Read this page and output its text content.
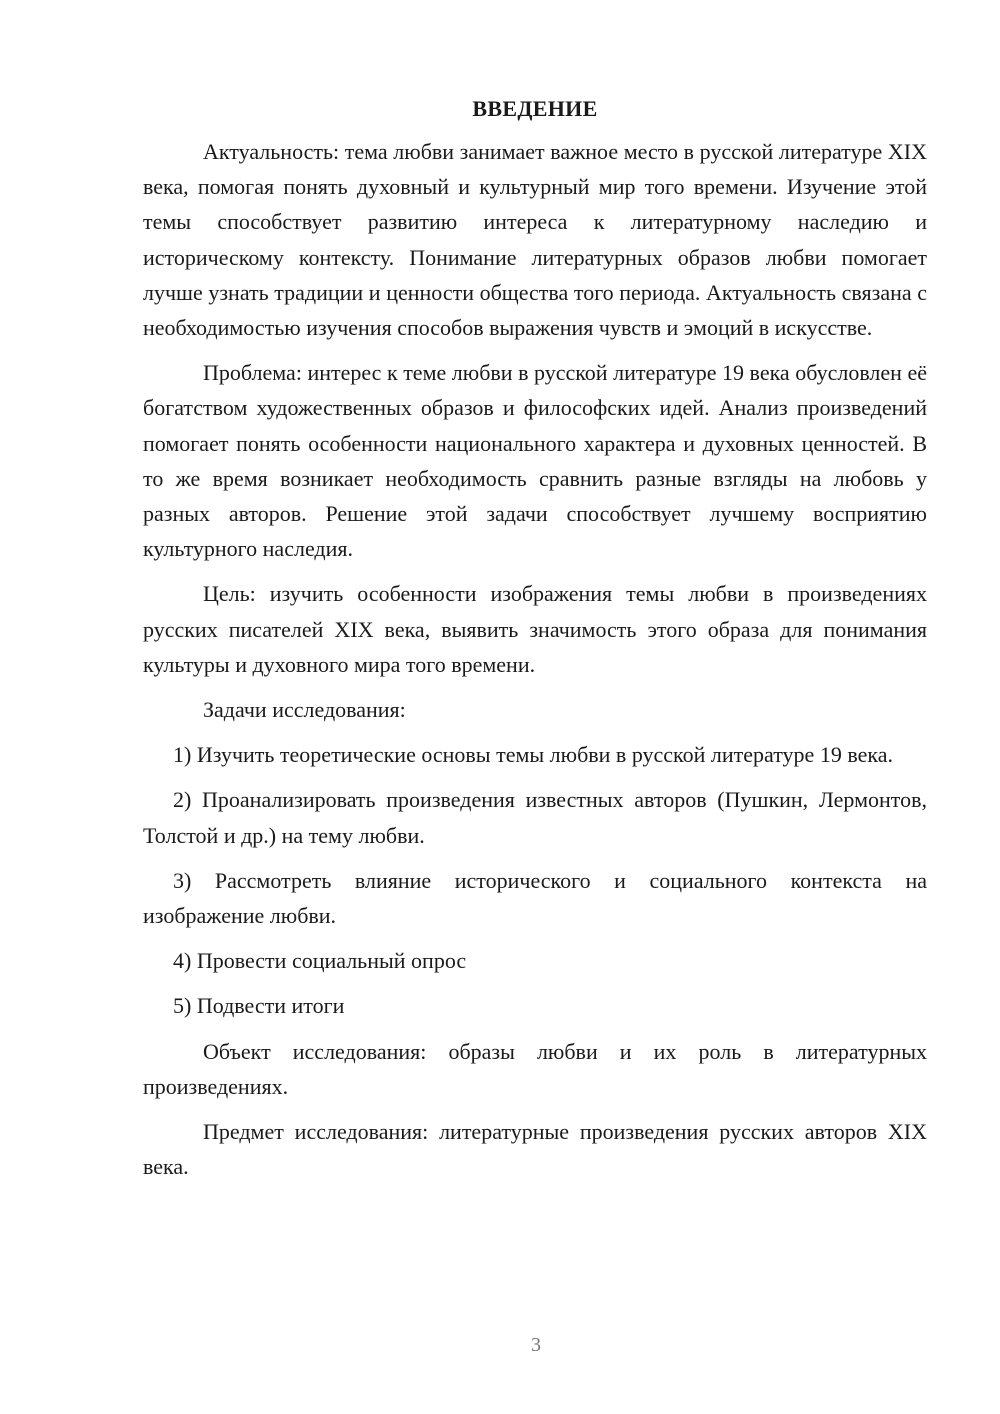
ВВЕДЕНИЕ

Актуальность: тема любви занимает важное место в русской литературе XIX века, помогая понять духовный и культурный мир того времени. Изучение этой темы способствует развитию интереса к литературному наследию и историческому контексту. Понимание литературных образов любви помогает лучше узнать традиции и ценности общества того периода. Актуальность связана с необходимостью изучения способов выражения чувств и эмоций в искусстве.

Проблема: интерес к теме любви в русской литературе 19 века обусловлен её богатством художественных образов и философских идей. Анализ произведений помогает понять особенности национального характера и духовных ценностей. В то же время возникает необходимость сравнить разные взгляды на любовь у разных авторов. Решение этой задачи способствует лучшему восприятию культурного наследия.

Цель: изучить особенности изображения темы любви в произведениях русских писателей XIX века, выявить значимость этого образа для понимания культуры и духовного мира того времени.

Задачи исследования:

1) Изучить теоретические основы темы любви в русской литературе 19 века.

2) Проанализировать произведения известных авторов (Пушкин, Лермонтов, Толстой и др.) на тему любви.

3) Рассмотреть влияние исторического и социального контекста на изображение любви.

4) Провести социальный опрос

5) Подвести итоги

Объект исследования: образы любви и их роль в литературных произведениях.

Предмет исследования: литературные произведения русских авторов XIX века.

3
